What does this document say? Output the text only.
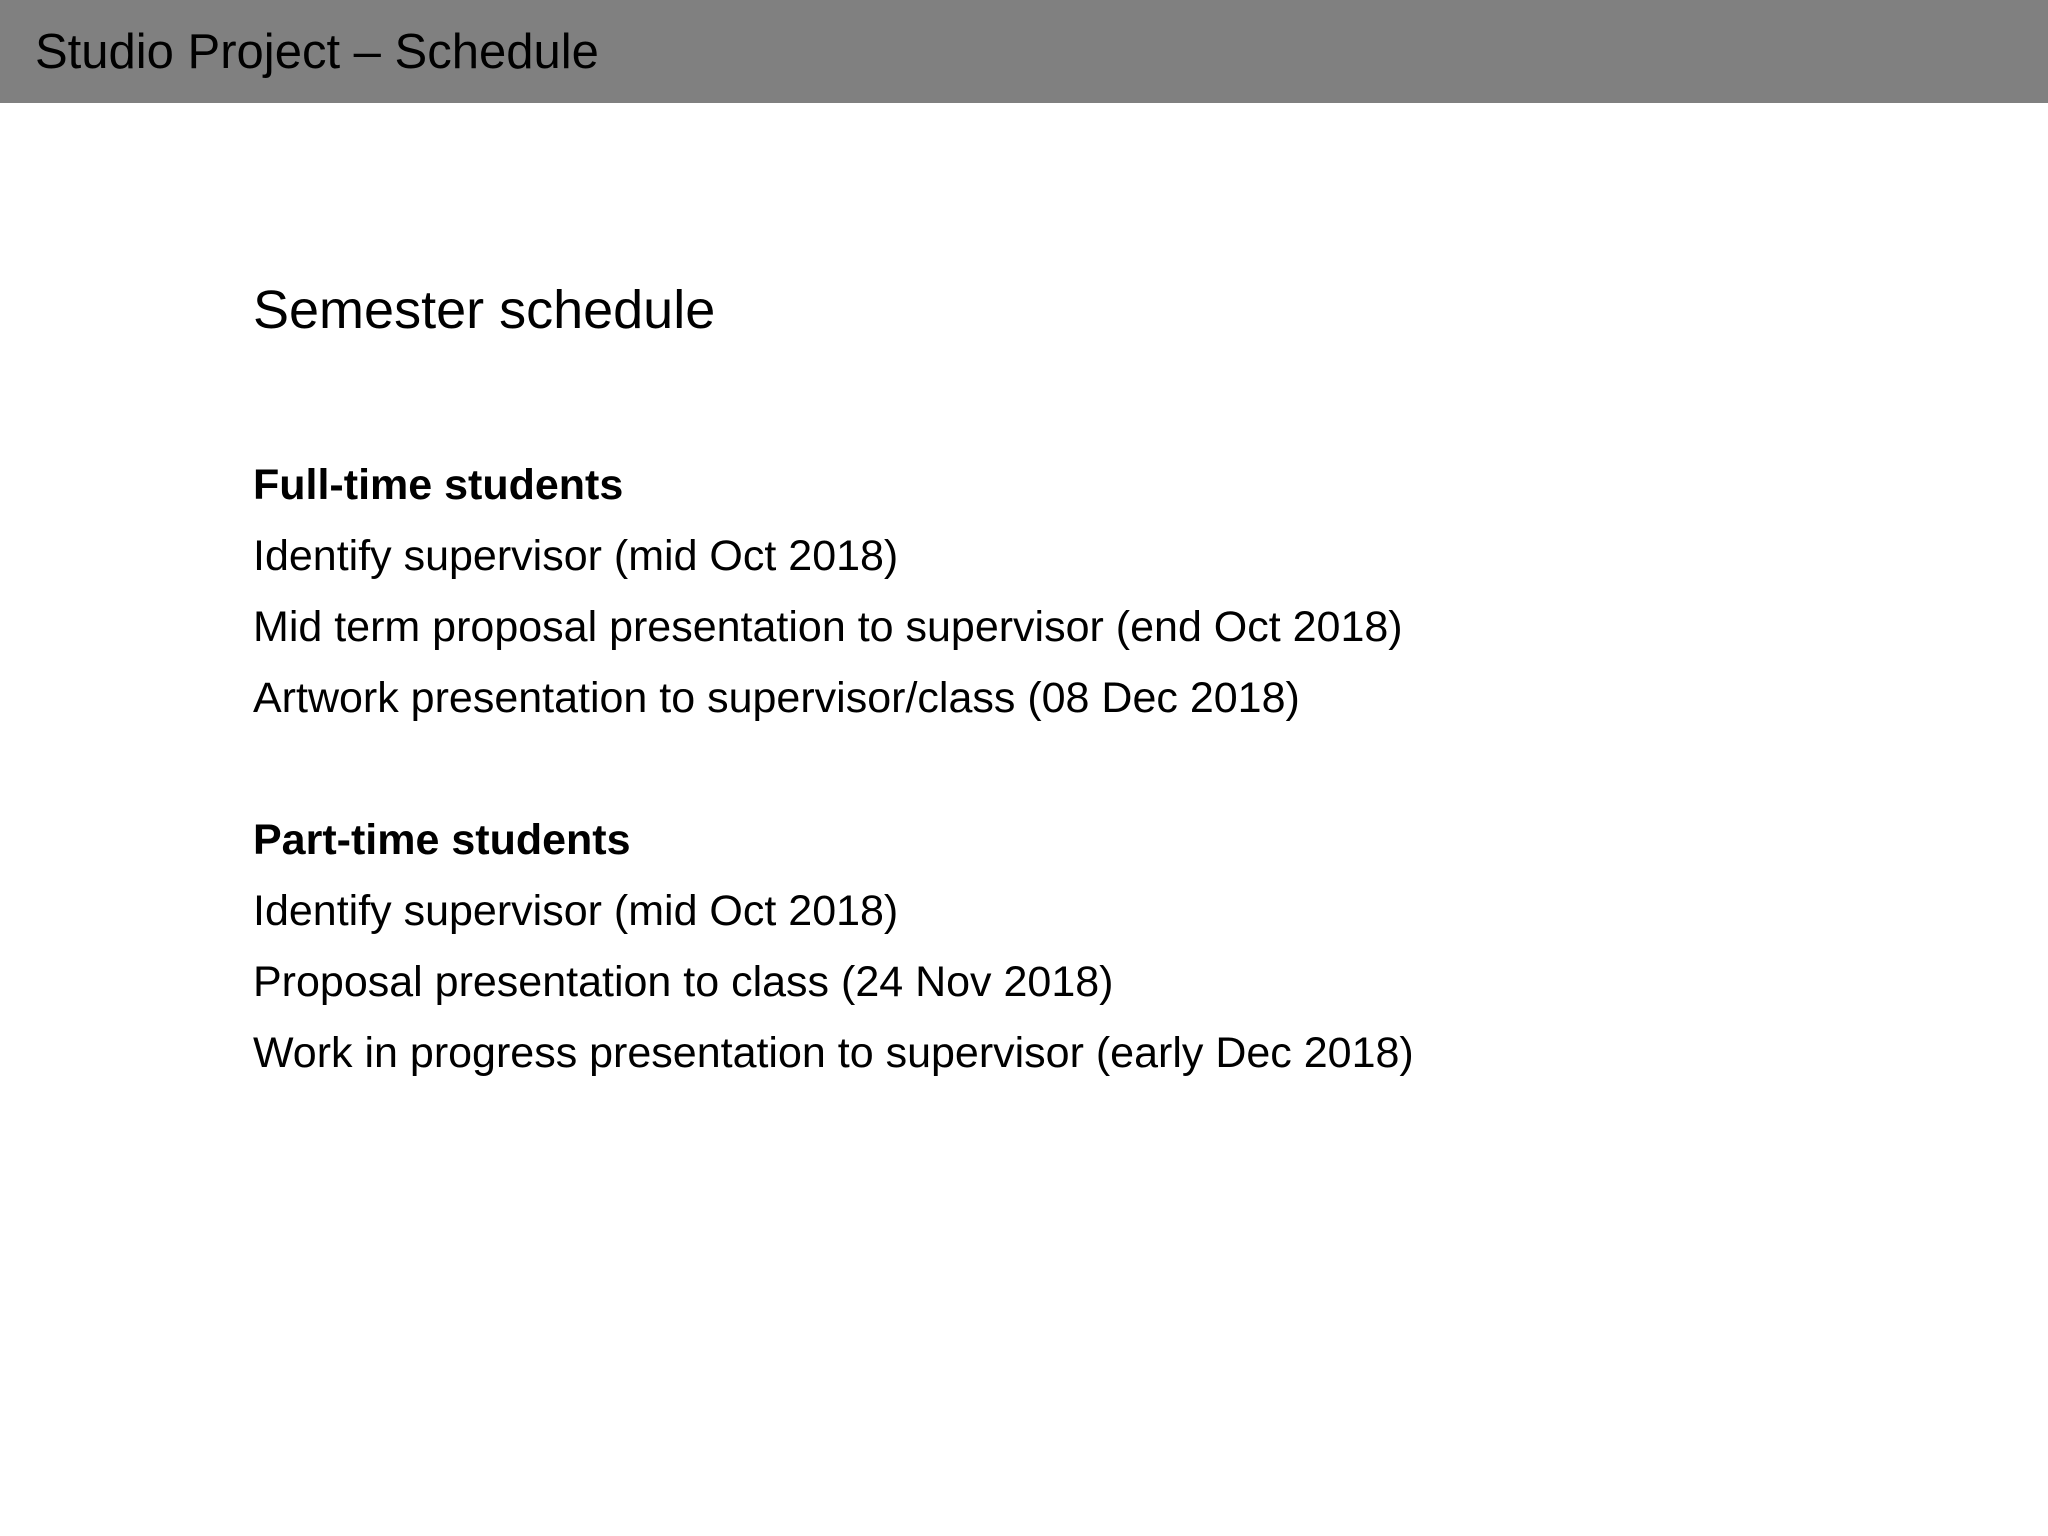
Studio Project – Schedule
Semester schedule
Full-time students
Identify supervisor (mid Oct 2018)
Mid term proposal presentation to supervisor (end Oct 2018)
Artwork presentation to supervisor/class (08 Dec 2018)
Part-time students
Identify supervisor (mid Oct 2018)
Proposal presentation to class (24 Nov 2018)
Work in progress presentation to supervisor (early Dec 2018)
